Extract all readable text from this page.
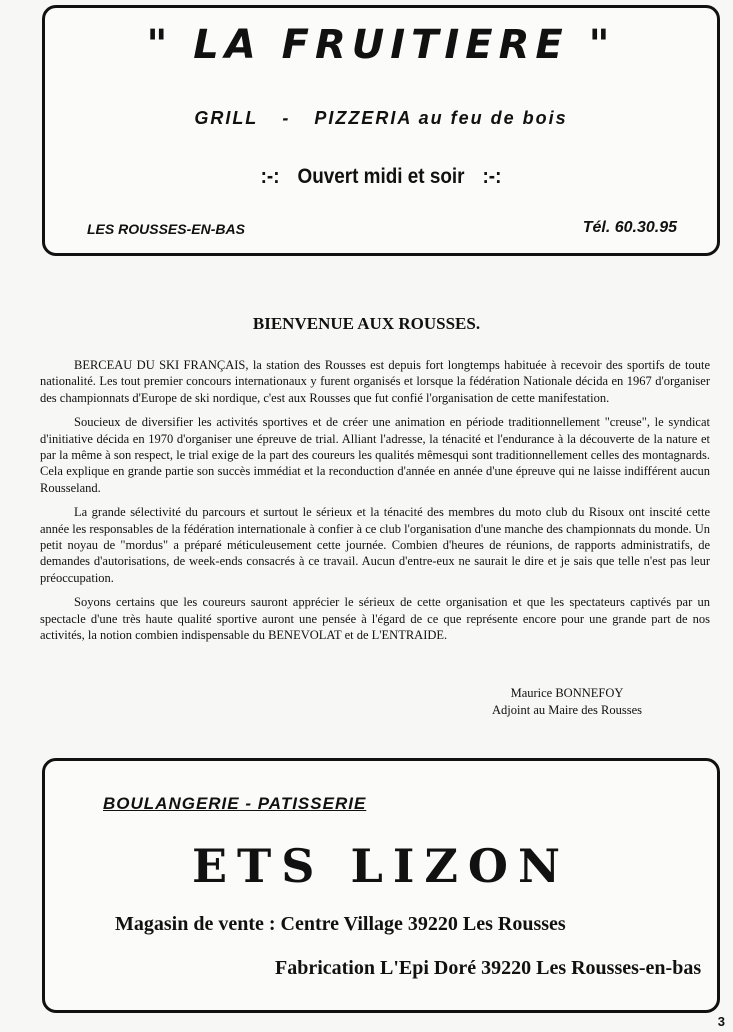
" LA FRUITIERE "
GRILL - PIZZERIA au feu de bois
:-: Ouvert midi et soir :-:
LES ROUSSES-EN-BAS	Tél. 60.30.95
BIENVENUE AUX ROUSSES.

BERCEAU DU SKI FRANÇAIS, la station des Rousses est depuis fort longtemps habituée à recevoir des sportifs de toute nationalité. Les tout premier concours internationaux y furent organisés et lorsque la fédération Nationale décida en 1967 d'organiser des championnats d'Europe de ski nordique, c'est aux Rousses que fut confié l'organisation de cette manifestation.

Soucieux de diversifier les activités sportives et de créer une animation en période traditionnellement "creuse", le syndicat d'initiative décida en 1970 d'organiser une épreuve de trial. Alliant l'adresse, la ténacité et l'endurance à la découverte de la nature et par la même à son respect, le trial exige de la part des coureurs les qualités mêmesqui sont traditionnellement celles des montagnards. Cela explique en grande partie son succès immédiat et la reconduction d'année en année d'une épreuve qui ne laisse indifférent aucun Rousseland.

La grande sélectivité du parcours et surtout le sérieux et la ténacité des membres du moto club du Risoux ont inscité cette année les responsables de la fédération internationale à confier à ce club l'organisation d'une manche des championnats du monde. Un petit noyau de "mordus" a préparé méticuleusement cette journée. Combien d'heures de réunions, de rapports administratifs, de demandes d'autorisations, de week-ends consacrés à ce travail. Aucun d'entre-eux ne saurait le dire et je sais que telle n'est pas leur préoccupation.

Soyons certains que les coureurs sauront apprécier le sérieux de cette organisation et que les spectateurs captivés par un spectacle d'une très haute qualité sportive auront une pensée à l'égard de ce que représente encore pour une grande part de nos activités, la notion combien indispensable du BENEVOLAT et de L'ENTRAIDE.

Maurice BONNEFOY
Adjoint au Maire des Rousses
BOULANGERIE - PATISSERIE
ETS LIZON
Magasin de vente : Centre Village 39220 Les Rousses
Fabrication L'Epi Doré 39220 Les Rousses-en-bas
3
